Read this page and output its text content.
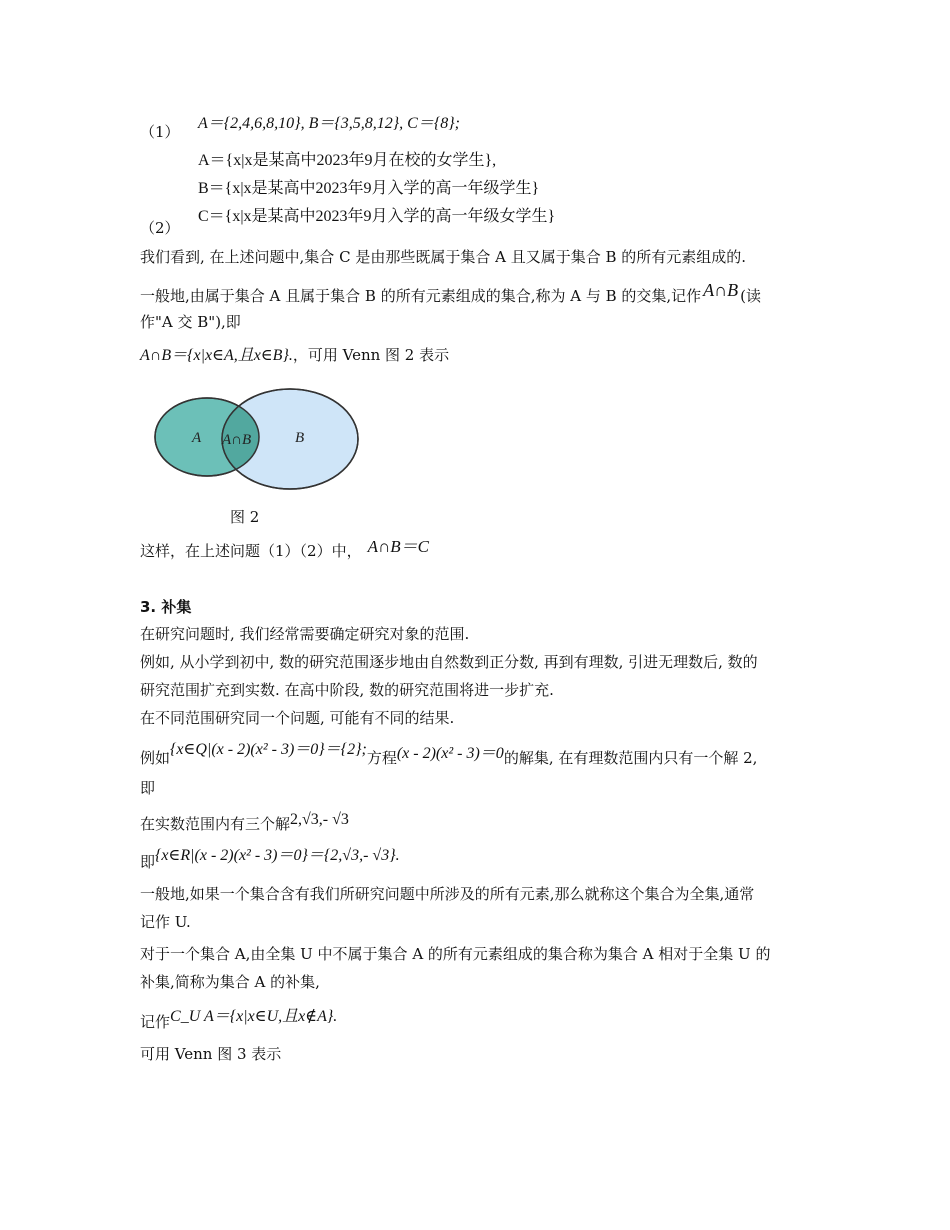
（1） A＝{2,4,6,8,10}, B＝{3,5,8,12}, C＝{8};
A＝{x|x是某高中2023年9月在校的女学生},
B＝{x|x是某高中2023年9月入学的高一年级学生}
（2）
C＝{x|x是某高中2023年9月入学的高一年级女学生}
我们看到, 在上述问题中,集合 C 是由那些既属于集合 A 且又属于集合 B 的所有元素组成的.
一般地,由属于集合 A 且属于集合 B 的所有元素组成的集合,称为 A 与 B 的交集,记作 A∩B (读
作"A 交 B"),即
A∩B＝{x|x∈A,且x∈B}.，可用 Venn 图 2 表示
A A∩B	B
图 2
这样，在上述问题（1）（2）中， A∩B＝C
3. 补集
在研究问题时, 我们经常需要确定研究对象的范围.
例如, 从小学到初中, 数的研究范围逐步地由自然数到正分数, 再到有理数, 引进无理数后, 数的
研究范围扩充到实数. 在高中阶段, 数的研究范围将进一步扩充.
在不同范围研究同一个问题, 可能有不同的结果.
例如{x∈Q|(x - 2)(x² - 3)＝0}＝{2};方程(x - 2)(x² - 3)＝0的解集, 在有理数范围内只有一个解 2,
即
在实数范围内有三个解2,√3,- √3
即{x∈R|(x - 2)(x² - 3)＝0}＝{2,√3,- √3}.
一般地,如果一个集合含有我们所研究问题中所涉及的所有元素,那么就称这个集合为全集,通常
记作 U.
对于一个集合 A,由全集 U 中不属于集合 A 的所有元素组成的集合称为集合 A 相对于全集 U 的
补集,简称为集合 A 的补集,
记作C_U A＝{x|x∈U,且x∉A}.
可用 Venn 图 3 表示
